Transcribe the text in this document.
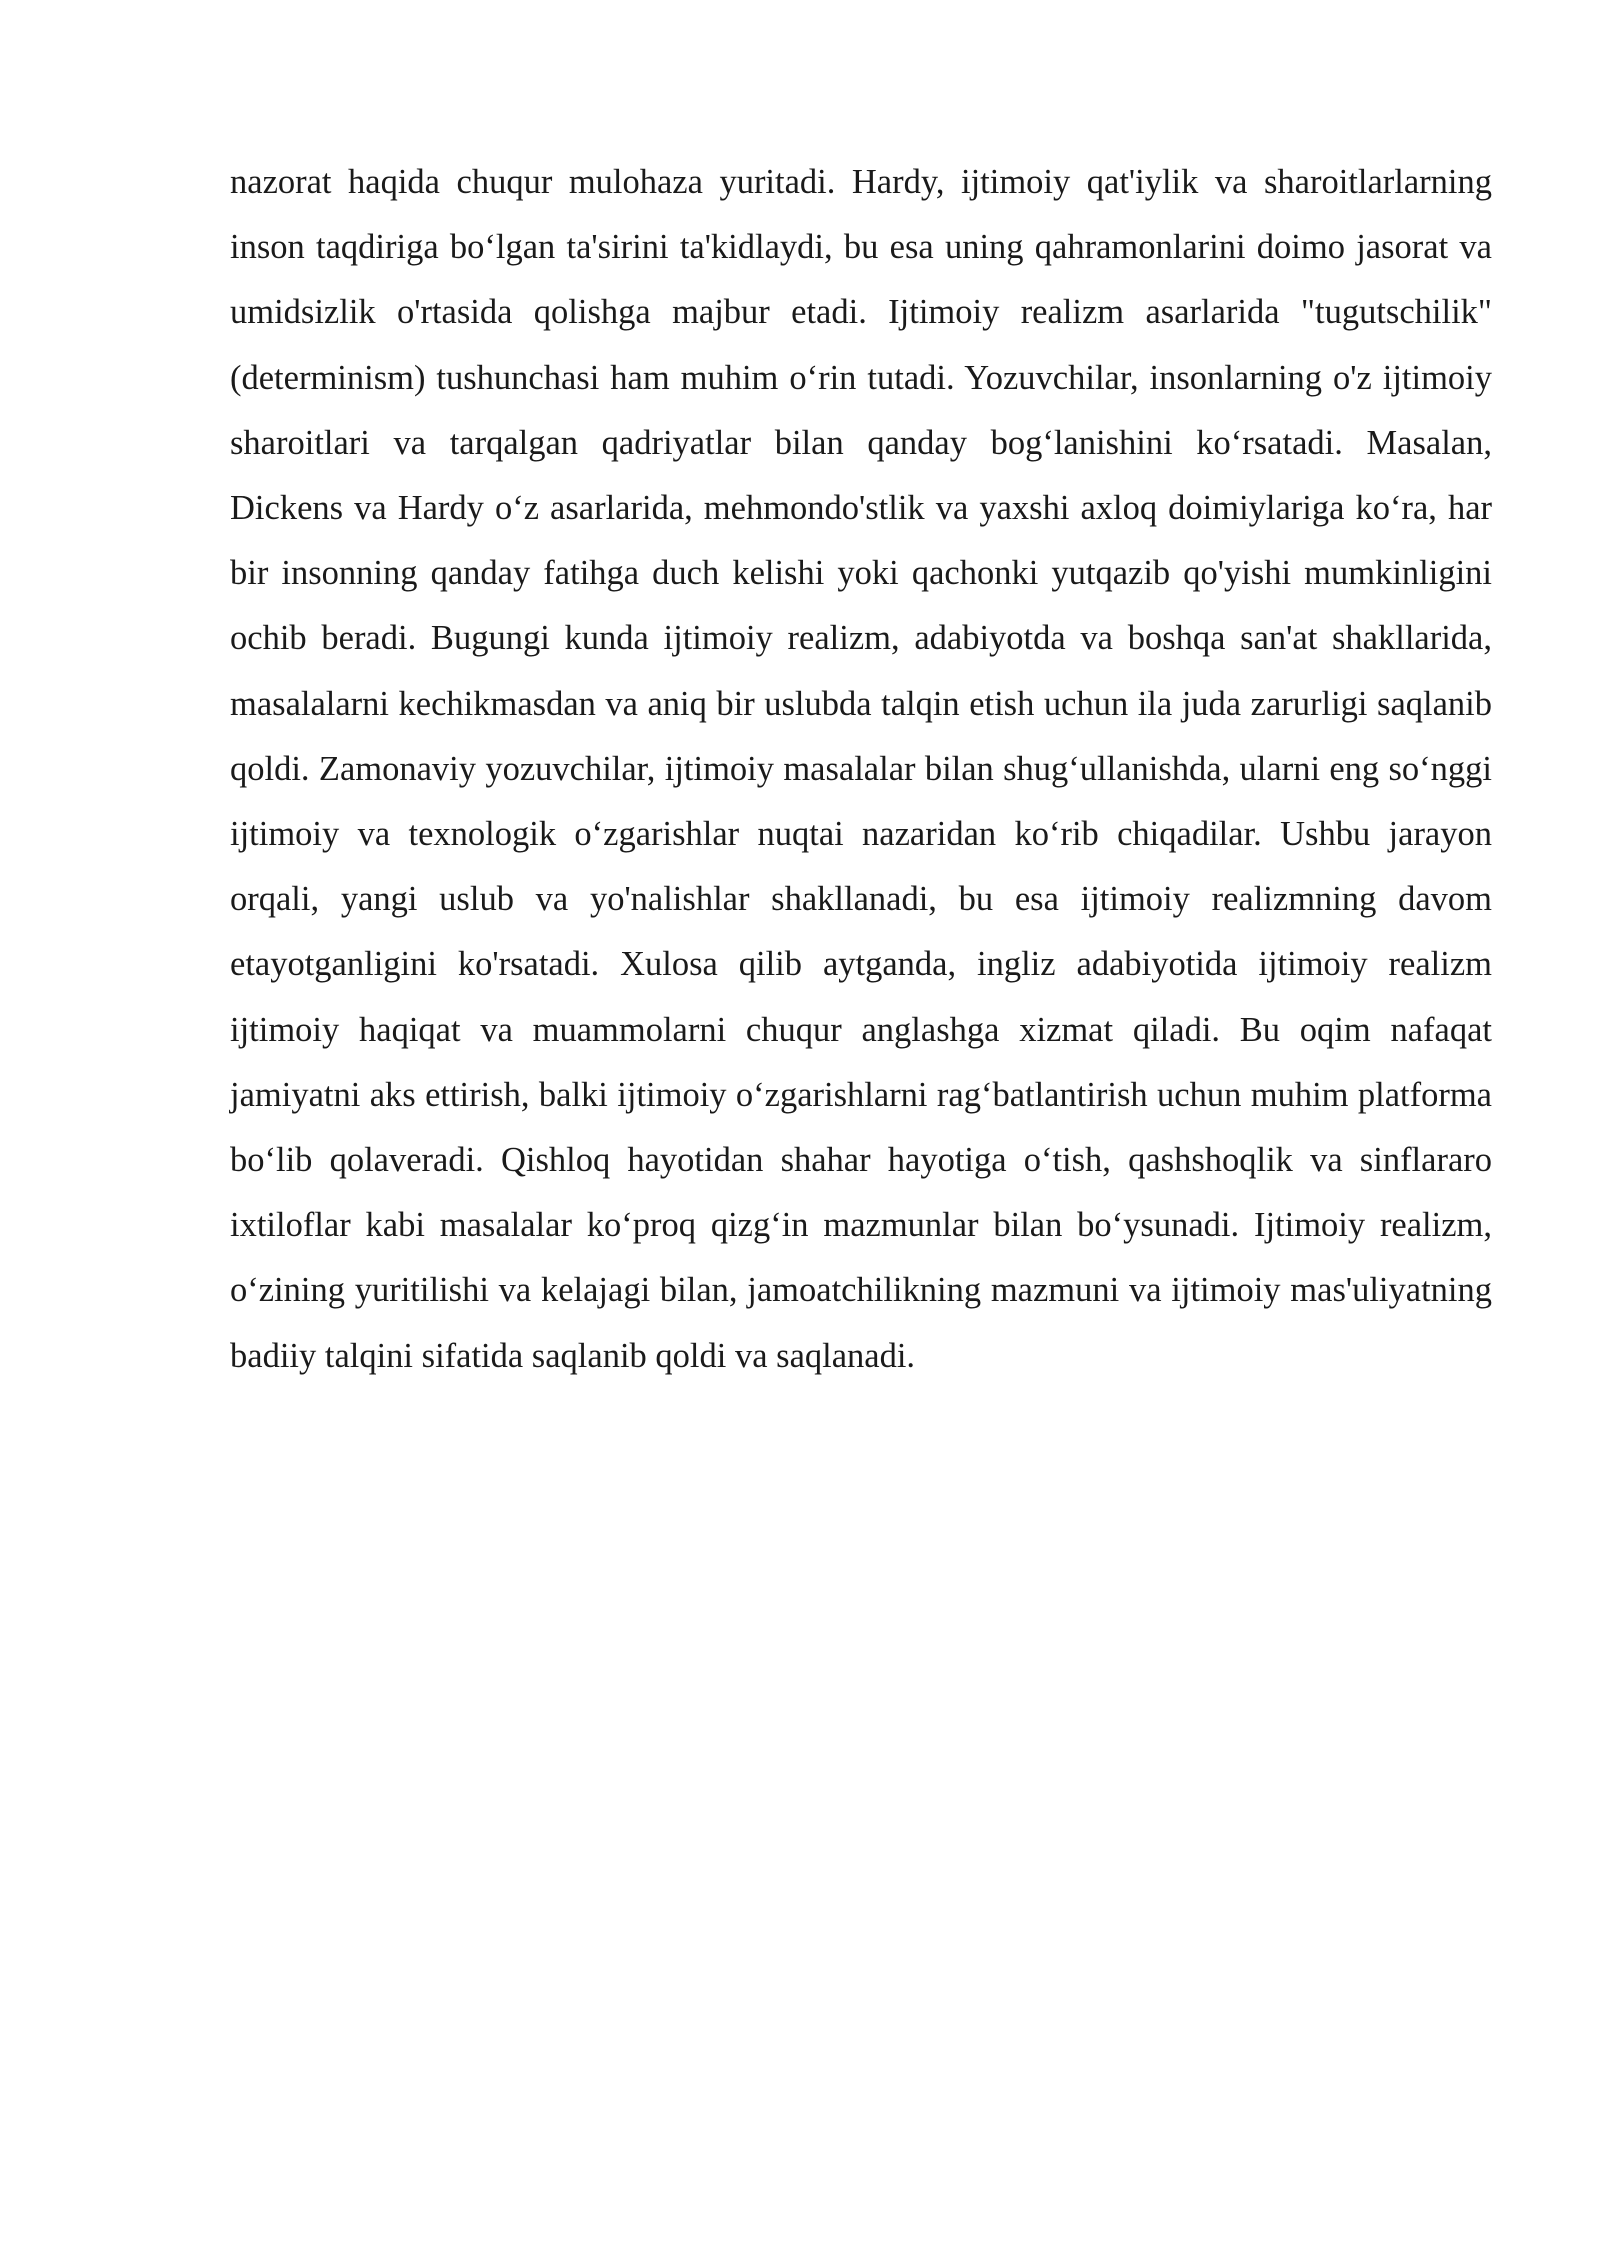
nazorat haqida chuqur mulohaza yuritadi. Hardy, ijtimoiy qat'iylik va sharoitlarlarning inson taqdiriga bo‘lgan ta'sirini ta'kidlaydi, bu esa uning qahramonlarini doimo jasorat va umidsizlik o'rtasida qolishga majbur etadi. Ijtimoiy realizm asarlarida "tugutschilik" (determinism) tushunchasi ham muhim o‘rin tutadi. Yozuvchilar, insonlarning o'z ijtimoiy sharoitlari va tarqalgan qadriyatlar bilan qanday bog‘lanishini ko‘rsatadi. Masalan, Dickens va Hardy o‘z asarlarida, mehmondo'stlik va yaxshi axloq doimiylariga ko‘ra, har bir insonning qanday fatihga duch kelishi yoki qachonki yutqazib qo'yishi mumkinligini ochib beradi. Bugungi kunda ijtimoiy realizm, adabiyotda va boshqa san'at shakllarida, masalalarni kechikmasdan va aniq bir uslubda talqin etish uchun ila juda zarurligi saqlanib qoldi. Zamonaviy yozuvchilar, ijtimoiy masalalar bilan shug‘ullanishda, ularni eng so‘nggi ijtimoiy va texnologik o‘zgarishlar nuqtai nazaridan ko‘rib chiqadilar. Ushbu jarayon orqali, yangi uslub va yo'nalishlar shakllanadi, bu esa ijtimoiy realizmning davom etayotganligini ko'rsatadi. Xulosa qilib aytganda, ingliz adabiyotida ijtimoiy realizm ijtimoiy haqiqat va muammolarni chuqur anglashga xizmat qiladi. Bu oqim nafaqat jamiyatni aks ettirish, balki ijtimoiy o‘zgarishlarni rag‘batlantirish uchun muhim platforma bo‘lib qolaveradi. Qishloq hayotidan shahar hayotiga o‘tish, qashshoqlik va sinflararo ixtiloflar kabi masalalar ko‘proq qizg‘in mazmunlar bilan bo‘ysunadi. Ijtimoiy realizm, o‘zining yuritilishi va kelajagi bilan, jamoatchilikning mazmuni va ijtimoiy mas'uliyatning badiiy talqini sifatida saqlanib qoldi va saqlanadi.
